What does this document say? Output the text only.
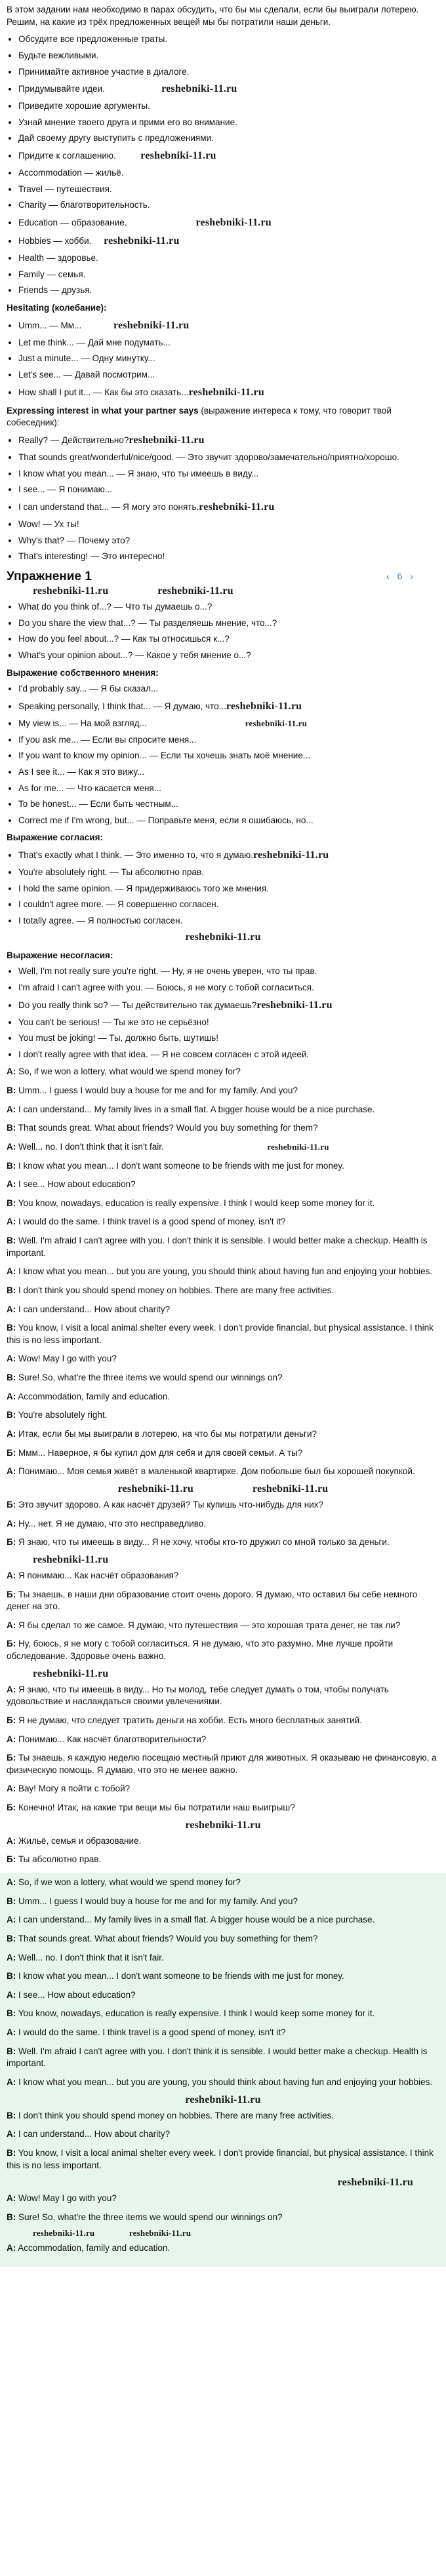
В этом задании нам необходимо в парах обсудить, что бы мы сделали, если бы выиграли лотерею. Решим, на какие из трёх предложенных вещей мы бы потратили наши деньги.

• Обсудите все предложенные траты.
• Будьте вежливыми.
• Принимайте активное участие в диалоге.
• Придумывайте идеи.	reshebniki-11.ru
• Приведите хорошие аргументы.
• Узнай мнение твоего друга и прими его во внимание.
• Дай своему другу выступить с предложениями.
• Придите к соглашению. reshebniki-11.ru
• Accommodation — жильё.
• Travel — путешествия.
• Charity — благотворительность.
• Education — образование.	reshebniki-11.ru
• Hobbies — хобби. reshebniki-11.ru
• Health — здоровье.
• Family — семья.
• Friends — друзья.

Hesitating (колебание):

• Umm... — Мм...	reshebniki-11.ru
• Let me think... — Дай мне подумать...
• Just a minute... — Одну минутку...
• Let's see... — Давай посмотрим...
• How shall I put it... — Как бы это сказать...reshebniki-11.ru

Expressing interest in what your partner says (выражение интереса к тому, что говорит твой собеседник):

• Really? — Действительно?reshebniki-11.ru
• That sounds great/wonderful/nice/good. — Это звучит здорово/замечательно/приятно/хорошо.
• I know what you mean... — Я знаю, что ты имеешь в виду...
• I see... — Я понимаю...
• I can understand that... — Я могу это понять.reshebniki-11.ru
• Wow! — Ух ты!
• Why's that? — Почему это?
• That's interesting! — Это интересно!
Упражнение 1	‹ 6 ›
reshebniki-11.ru	reshebniki-11.ru
• What do you think of...? — Что ты думаешь о...?
• Do you share the view that...? — Ты разделяешь мнение, что...?
• How do you feel about...? — Как ты относишься к...?
• What's your opinion about...? — Какое у тебя мнение о...?

Выражение собственного мнения:

• I'd probably say... — Я бы сказал...
• Speaking personally, I think that... — Я думаю, что...reshebniki-11.ru
• My view is... — На мой взгляд...	reshebniki-11.ru
• If you ask me... — Если вы спросите меня...
• If you want to know my opinion... — Если ты хочешь знать моё мнение...
• As I see it... — Как я это вижу...
• As for me... — Что касается меня...
• To be honest... — Если быть честным...
• Correct me if I'm wrong, but... — Поправьте меня, если я ошибаюсь, но...

Выражение согласия:

• That's exactly what I think. — Это именно то, что я думаю.reshebniki-11.ru
• You're absolutely right. — Ты абсолютно прав.
• I hold the same opinion. — Я придерживаюсь того же мнения.
• I couldn't agree more. — Я совершенно согласен.
• I totally agree. — Я полностью согласен.
reshebniki-11.ru

Выражение несогласия:

• Well, I'm not really sure you're right. — Ну, я не очень уверен, что ты прав.
• I'm afraid I can't agree with you. — Боюсь, я не могу с тобой согласиться.
• Do you really think so? — Ты действительно так думаешь?reshebniki-11.ru
• You can't be serious! — Ты же это не серьёзно!
• You must be joking! — Ты, должно быть, шутишь!
• I don't really agree with that idea. — Я не совсем согласен с этой идеей.

A: So, if we won a lottery, what would we spend money for?

B: Umm... I guess I would buy a house for me and for my family. And you?

A: I can understand... My family lives in a small flat. A bigger house would be a nice purchase.

B: That sounds great. What about friends? Would you buy something for them?

A: Well... no. I don't think that it isn't fair.	reshebniki-11.ru

B: I know what you mean... I don't want someone to be friends with me just for money.

A: I see... How about education?

B: You know, nowadays, education is really expensive. I think I would keep some money for it.

A: I would do the same. I think travel is a good spend of money, isn't it?

B: Well. I'm afraid I can't agree with you. I don't think it is sensible. I would better make a checkup. Health is important.

A: I know what you mean... but you are young, you should think about having fun and enjoying your hobbies.

B: I don't think you should spend money on hobbies. There are many free activities.

A: I can understand... How about charity?

B: You know, I visit a local animal shelter every week. I don't provide financial, but physical assistance. I think this is no less important.

A: Wow! May I go with you?

B: Sure! So, what're the three items we would spend our winnings on?

A: Accommodation, family and education.

B: You're absolutely right.

А: Итак, если бы мы выиграли в лотерею, на что бы мы потратили деньги?

Б: Ммм... Наверное, я бы купил дом для себя и для своей семьи. А ты?

А: Понимаю... Моя семья живёт в маленькой квартирке. Дом побольше был бы хорошей покупкой.

reshebniki-11.ru	reshebniki-11.ru

Б: Это звучит здорово. А как насчёт друзей? Ты купишь что-нибудь для них?

А: Ну... нет. Я не думаю, что это несправедливо.

Б: Я знаю, что ты имеешь в виду... Я не хочу, чтобы кто-то дружил со мной только за деньги.

reshebniki-11.ru

А: Я понимаю... Как насчёт образования?

Б: Ты знаешь, в наши дни образование стоит очень дорого. Я думаю, что оставил бы себе немного денег на это.

А: Я бы сделал то же самое. Я думаю, что путешествия — это хорошая трата денег, не так ли?

Б: Ну, боюсь, я не могу с тобой согласиться. Я не думаю, что это разумно. Мне лучше пройти обследование. Здоровье очень важно.

reshebniki-11.ru

А: Я знаю, что ты имеешь в виду... Но ты молод, тебе следует думать о том, чтобы получать удовольствие и наслаждаться своими увлечениями.

Б: Я не думаю, что следует тратить деньги на хобби. Есть много бесплатных занятий.

А: Понимаю... Как насчёт благотворительности?

Б: Ты знаешь, я каждую неделю посещаю местный приют для животных. Я оказываю не финансовую, а физическую помощь. Я думаю, что это не менее важно.

А: Вау! Могу я пойти с тобой?

Б: Конечно! Итак, на какие три вещи мы бы потратили наш выигрыш?

reshebniki-11.ru

А: Жильё, семья и образование.

Б: Ты абсолютно прав.

A: So, if we won a lottery, what would we spend money for?

B: Umm... I guess I would buy a house for me and for my family. And you?

A: I can understand... My family lives in a small flat. A bigger house would be a nice purchase.

B: That sounds great. What about friends? Would you buy something for them?

A: Well... no. I don't think that it isn't fair.

B: I know what you mean... I don't want someone to be friends with me just for money.

A: I see... How about education?

B: You know, nowadays, education is really expensive. I think I would keep some money for it.

A: I would do the same. I think travel is a good spend of money, isn't it?

B: Well. I'm afraid I can't agree with you. I don't think it is sensible. I would better make a checkup. Health is important.

A: I know what you mean... but you are young, you should think about having fun and enjoying your hobbies.

reshebniki-11.ru

B: I don't think you should spend money on hobbies. There are many free activities.

A: I can understand... How about charity?

B: You know, I visit a local animal shelter every week. I don't provide financial, but physical assistance. I think this is no less important.

reshebniki-11.ru

A: Wow! May I go with you?

B: Sure! So, what're the three items we would spend our winnings on?

reshebniki-11.ru	reshebniki-11.ru

A: Accommodation, family and education.
